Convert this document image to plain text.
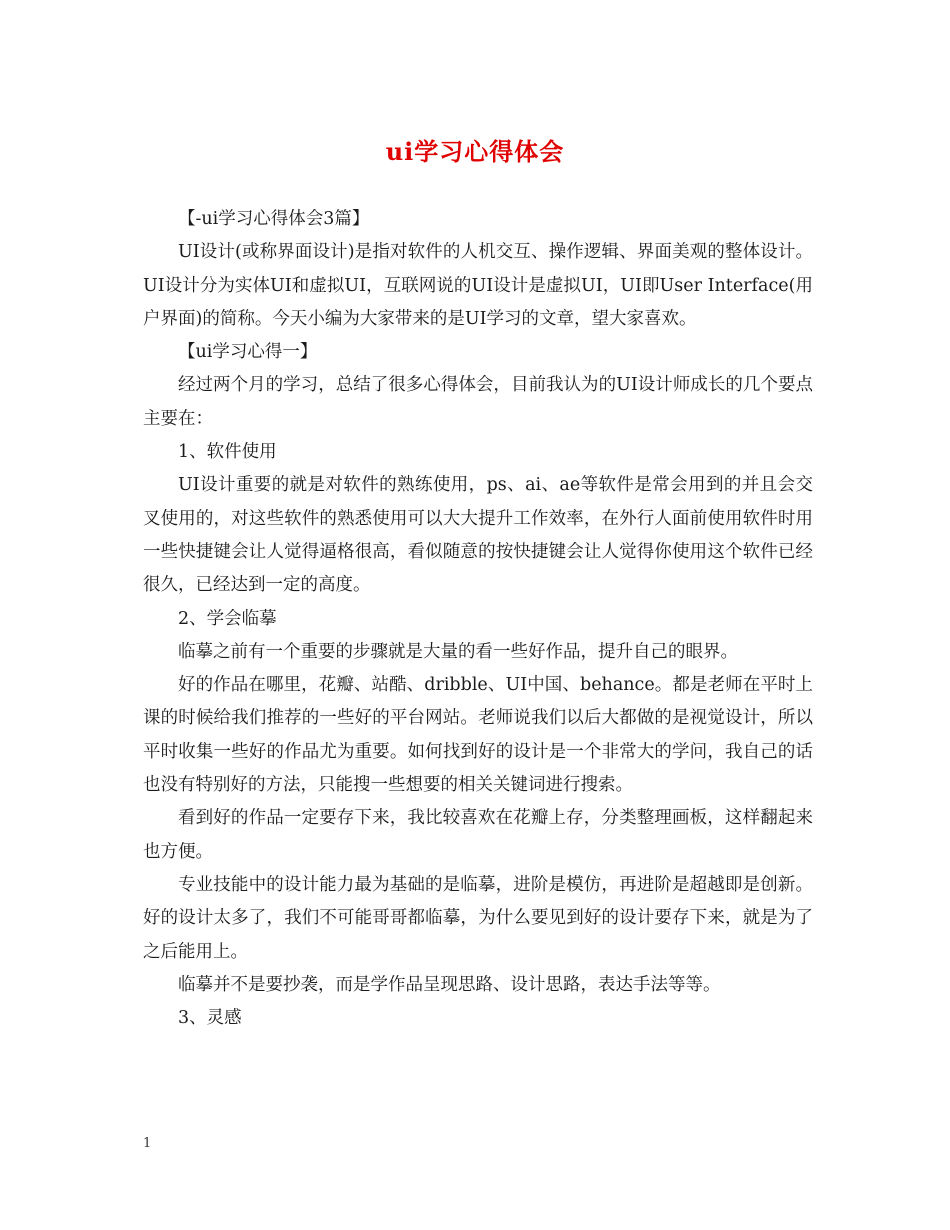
ui学习心得体会

【-ui学习心得体会3篇】

UI设计(或称界面设计)是指对软件的人机交互、操作逻辑、界面美观的整体设计。UI设计分为实体UI和虚拟UI，互联网说的UI设计是虚拟UI，UI即User Interface(用户界面)的简称。今天小编为大家带来的是UI学习的文章，望大家喜欢。

【ui学习心得一】

经过两个月的学习，总结了很多心得体会，目前我认为的UI设计师成长的几个要点主要在：

1、软件使用

UI设计重要的就是对软件的熟练使用，ps、ai、ae等软件是常会用到的并且会交叉使用的，对这些软件的熟悉使用可以大大提升工作效率，在外行人面前使用软件时用一些快捷键会让人觉得逼格很高，看似随意的按快捷键会让人觉得你使用这个软件已经很久，已经达到一定的高度。

2、学会临摹

临摹之前有一个重要的步骤就是大量的看一些好作品，提升自己的眼界。

好的作品在哪里，花瓣、站酷、dribble、UI中国、behance。都是老师在平时上课的时候给我们推荐的一些好的平台网站。老师说我们以后大都做的是视觉设计，所以平时收集一些好的作品尤为重要。如何找到好的设计是一个非常大的学问，我自己的话也没有特别好的方法，只能搜一些想要的相关关键词进行搜索。

看到好的作品一定要存下来，我比较喜欢在花瓣上存，分类整理画板，这样翻起来也方便。

专业技能中的设计能力最为基础的是临摹，进阶是模仿，再进阶是超越即是创新。好的设计太多了，我们不可能哥哥都临摹，为什么要见到好的设计要存下来，就是为了之后能用上。

临摹并不是要抄袭，而是学作品呈现思路、设计思路，表达手法等等。

3、灵感

1
